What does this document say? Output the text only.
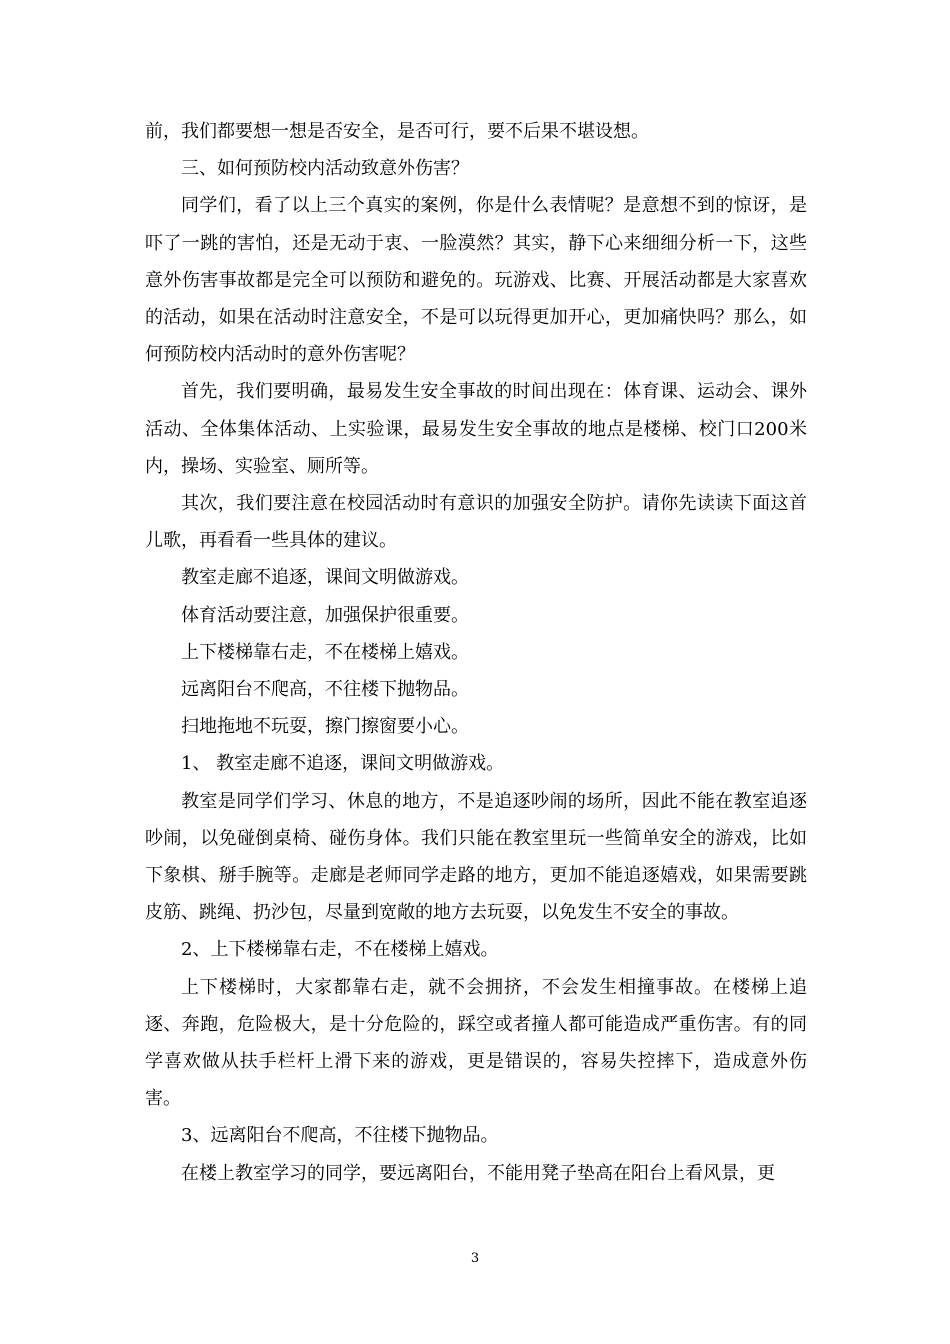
前，我们都要想一想是否安全，是否可行，要不后果不堪设想。

三、如何预防校内活动致意外伤害？

同学们，看了以上三个真实的案例，你是什么表情呢？是意想不到的惊讶，是吓了一跳的害怕，还是无动于衷、一脸漠然？其实，静下心来细细分析一下，这些意外伤害事故都是完全可以预防和避免的。玩游戏、比赛、开展活动都是大家喜欢的活动，如果在活动时注意安全，不是可以玩得更加开心，更加痛快吗？那么，如何预防校内活动时的意外伤害呢？

首先，我们要明确，最易发生安全事故的时间出现在：体育课、运动会、课外活动、全体集体活动、上实验课，最易发生安全事故的地点是楼梯、校门口200米内，操场、实验室、厕所等。

其次，我们要注意在校园活动时有意识的加强安全防护。请你先读读下面这首儿歌，再看看一些具体的建议。

教室走廊不追逐，课间文明做游戏。

体育活动要注意，加强保护很重要。

上下楼梯靠右走，不在楼梯上嬉戏。

远离阳台不爬高，不往楼下抛物品。

扫地拖地不玩耍，擦门擦窗要小心。

1、 教室走廊不追逐，课间文明做游戏。

教室是同学们学习、休息的地方，不是追逐吵闹的场所，因此不能在教室追逐吵闹，以免碰倒桌椅、碰伤身体。我们只能在教室里玩一些简单安全的游戏，比如下象棋、掰手腕等。走廊是老师同学走路的地方，更加不能追逐嬉戏，如果需要跳皮筋、跳绳、扔沙包，尽量到宽敞的地方去玩耍，以免发生不安全的事故。

2、上下楼梯靠右走，不在楼梯上嬉戏。

上下楼梯时，大家都靠右走，就不会拥挤，不会发生相撞事故。在楼梯上追逐、奔跑，危险极大，是十分危险的，踩空或者撞人都可能造成严重伤害。有的同学喜欢做从扶手栏杆上滑下来的游戏，更是错误的，容易失控摔下，造成意外伤害。

3、远离阳台不爬高，不往楼下抛物品。

在楼上教室学习的同学，要远离阳台，不能用凳子垫高在阳台上看风景，更

3
